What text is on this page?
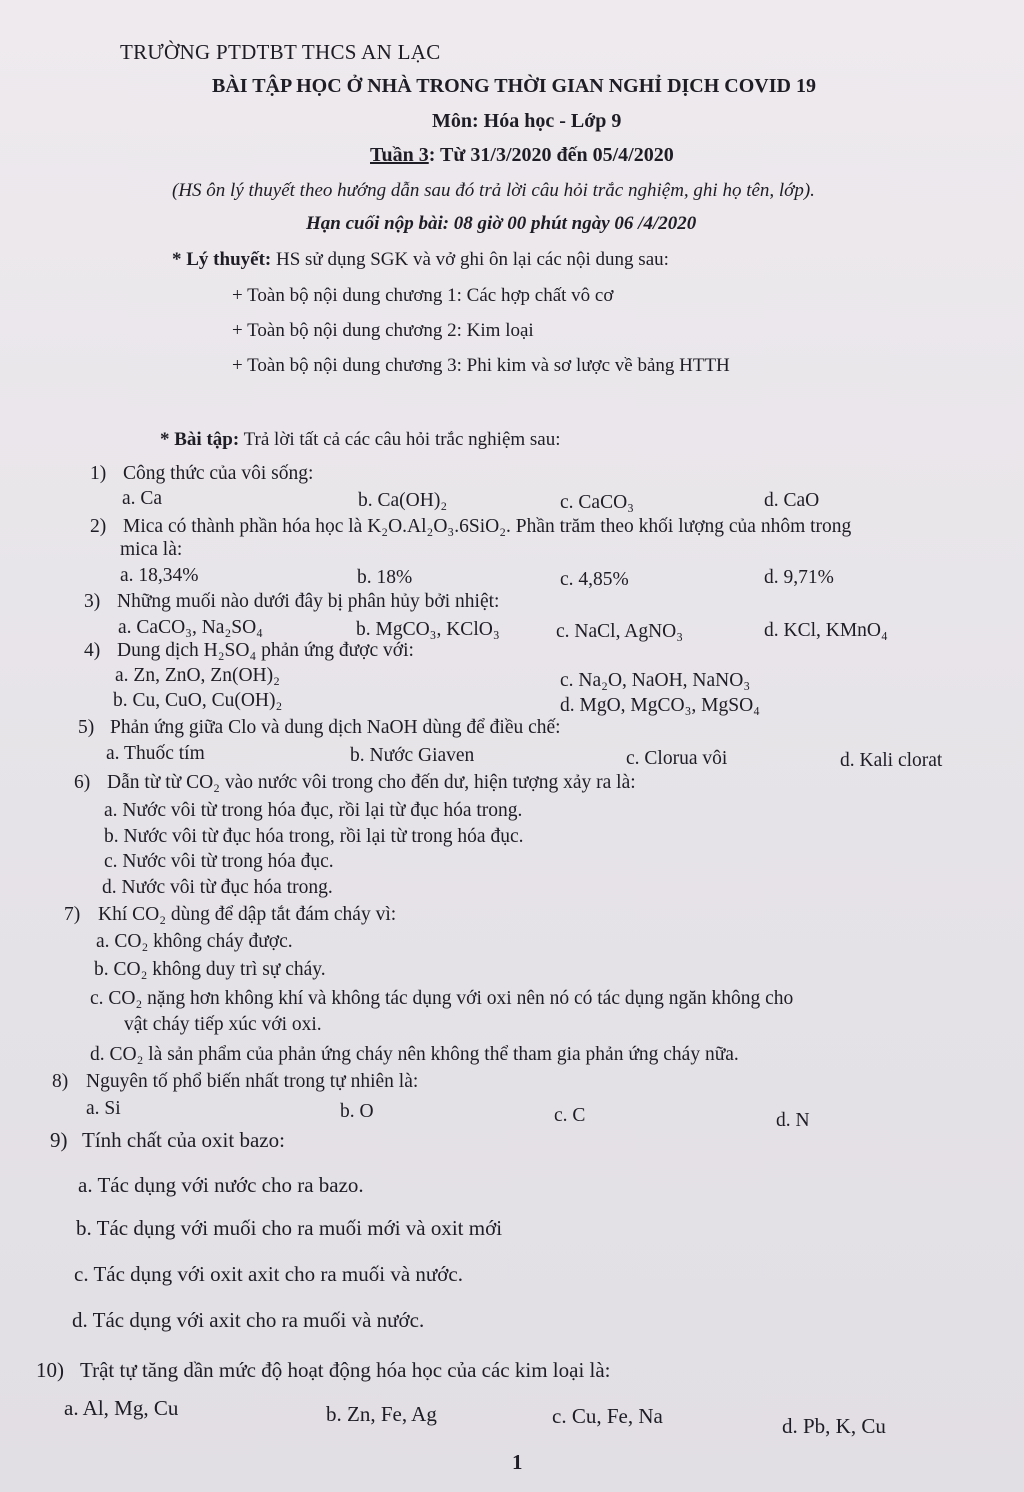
TRƯỜNG PTDTBT THCS AN LẠC
BÀI TẬP HỌC Ở NHÀ TRONG THỜI GIAN NGHỈ DỊCH COVID 19
Môn: Hóa học - Lớp 9
Tuần 3: Từ 31/3/2020 đến 05/4/2020
(HS ôn lý thuyết theo hướng dẫn sau đó trả lời câu hỏi trắc nghiệm, ghi họ tên, lớp).
Hạn cuối nộp bài: 08 giờ 00 phút ngày 06 /4/2020
* Lý thuyết: HS sử dụng SGK và vở ghi ôn lại các nội dung sau:
+ Toàn bộ nội dung chương 1: Các hợp chất vô cơ
+ Toàn bộ nội dung chương 2: Kim loại
+ Toàn bộ nội dung chương 3: Phi kim và sơ lược về bảng HTTH
* Bài tập: Trả lời tất cả các câu hỏi trắc nghiệm sau:
1) Công thức của vôi sống:
a. Ca	b. Ca(OH)₂	c. CaCO₃	d. CaO
2) Mica có thành phần hóa học là K₂O.Al₂O₃.6SiO₂. Phần trăm theo khối lượng của nhôm trong
mica là:
a. 18,34%	b. 18%	c. 4,85%	d. 9,71%
3) Những muối nào dưới đây bị phân hủy bởi nhiệt:
a. CaCO₃, Na₂SO₄	b. MgCO₃, KClO₃	c. NaCl, AgNO₃	d. KCl, KMnO₄
4) Dung dịch H₂SO₄ phản ứng được với:
a. Zn, ZnO, Zn(OH)₂
b. Cu, CuO, Cu(OH)₂
c. Na₂O, NaOH, NaNO₃
d. MgO, MgCO₃, MgSO₄
5) Phản ứng giữa Clo và dung dịch NaOH dùng để điều chế:
a. Thuốc tím	b. Nước Giaven	c. Clorua vôi	d. Kali clorat
6) Dẫn từ từ CO₂ vào nước vôi trong cho đến dư, hiện tượng xảy ra là:
a. Nước vôi từ trong hóa đục, rồi lại từ đục hóa trong.
b. Nước vôi từ đục hóa trong, rồi lại từ trong hóa đục.
c. Nước vôi từ trong hóa đục.
d. Nước vôi từ đục hóa trong.
7) Khí CO₂ dùng để dập tắt đám cháy vì:
a. CO₂ không cháy được.
b. CO₂ không duy trì sự cháy.
c. CO₂ nặng hơn không khí và không tác dụng với oxi nên nó có tác dụng ngăn không cho
vật cháy tiếp xúc với oxi.
d. CO₂ là sản phẩm của phản ứng cháy nên không thể tham gia phản ứng cháy nữa.
8) Nguyên tố phổ biến nhất trong tự nhiên là:
a. Si	b. O	c. C	d. N
9) Tính chất của oxit bazo:
a. Tác dụng với nước cho ra bazo.
b. Tác dụng với muối cho ra muối mới và oxit mới
c. Tác dụng với oxit axit cho ra muối và nước.
d. Tác dụng với axit cho ra muối và nước.
10) Trật tự tăng dần mức độ hoạt động hóa học của các kim loại là:
a. Al, Mg, Cu	b. Zn, Fe, Ag	c. Cu, Fe, Na	d. Pb, K, Cu
1
